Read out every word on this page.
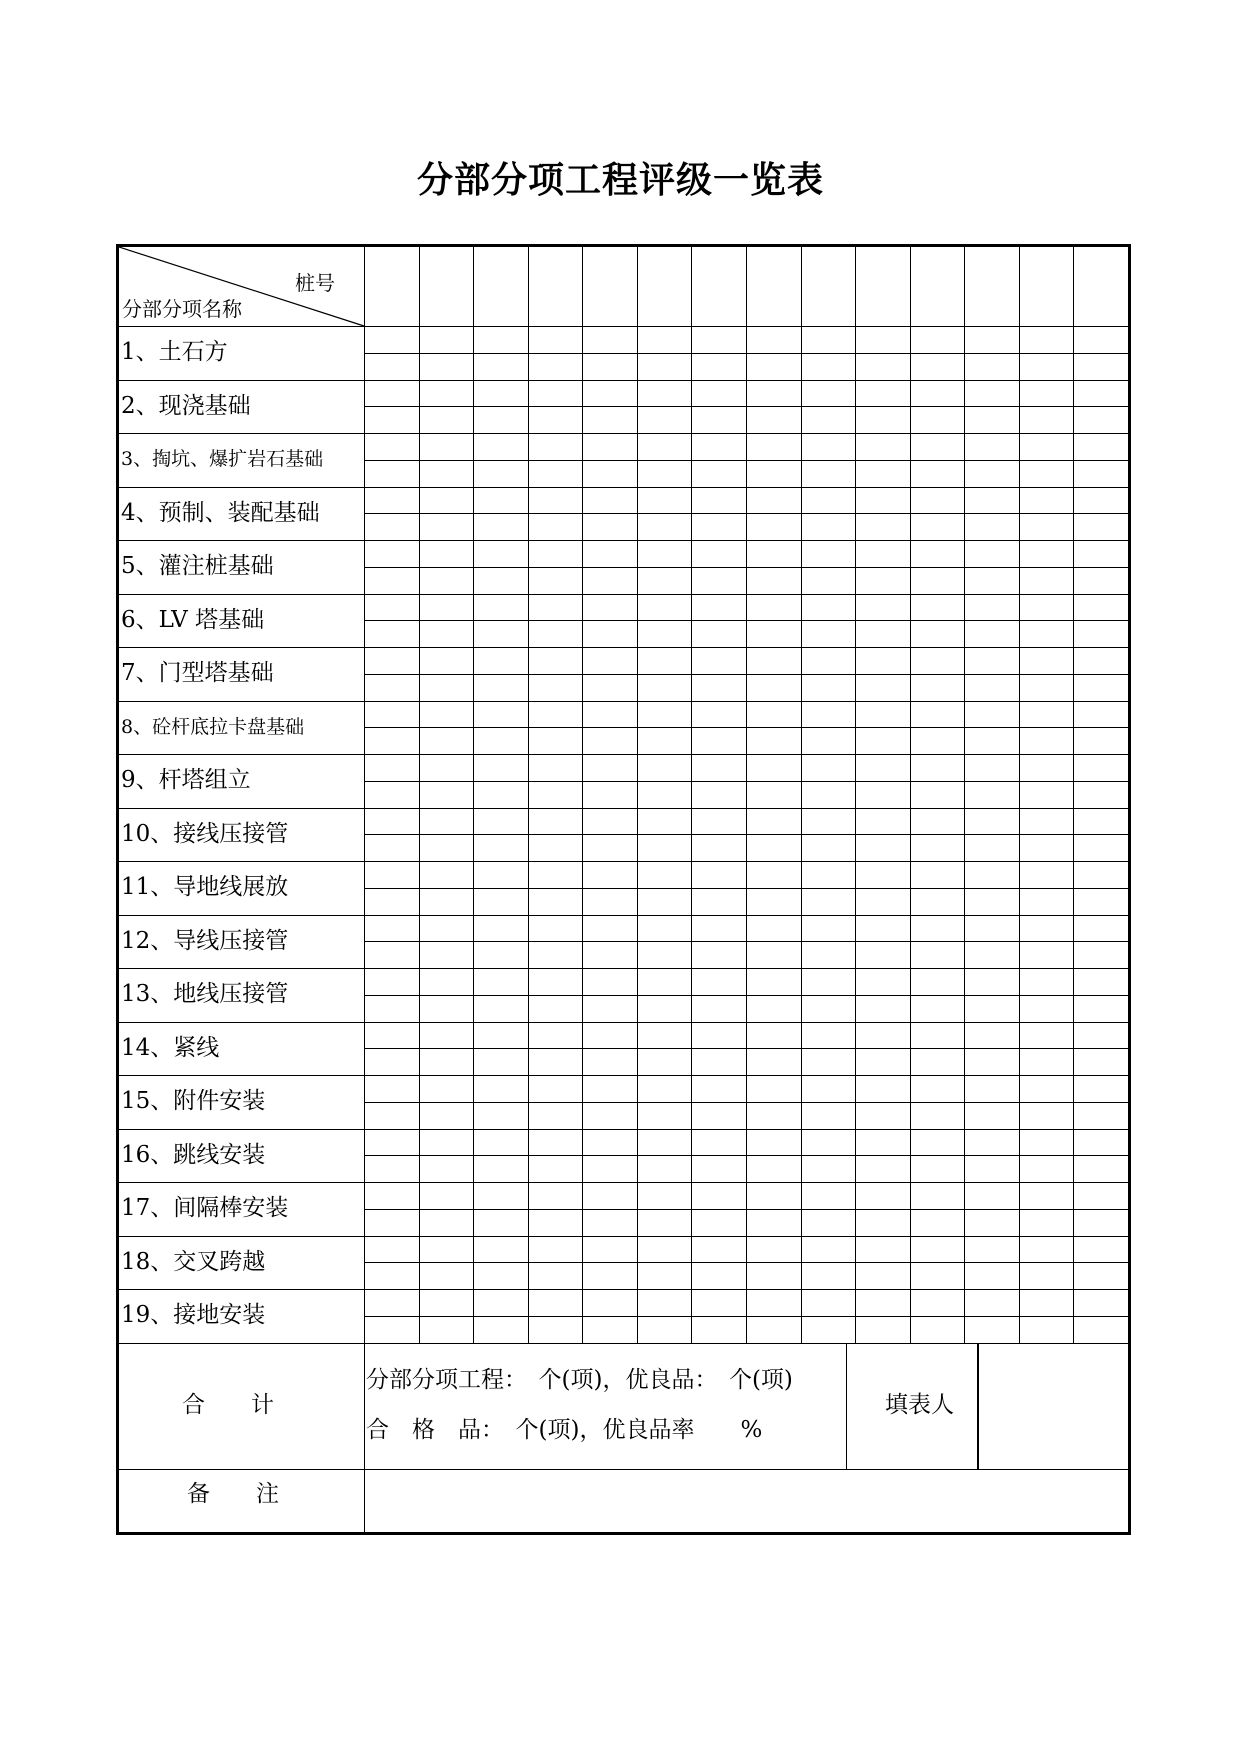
分部分项工程评级一览表
桩号
分部分项名称
1、土石方
2、现浇基础
3、掏坑、爆扩岩石基础
4、预制、装配基础
5、灌注桩基础
6、LV 塔基础
7、门型塔基础
8、砼杆底拉卡盘基础
9、杆塔组立
10、接线压接管
11、导地线展放
12、导线压接管
13、地线压接管
14、紧线
15、附件安装
16、跳线安装
17、间隔棒安装
18、交叉跨越
19、接地安装
合　　计
分部分项工程：　个(项)，优良品：　个(项)
合　格　品：　个(项)，优良品率　　%
填表人
备　　注
